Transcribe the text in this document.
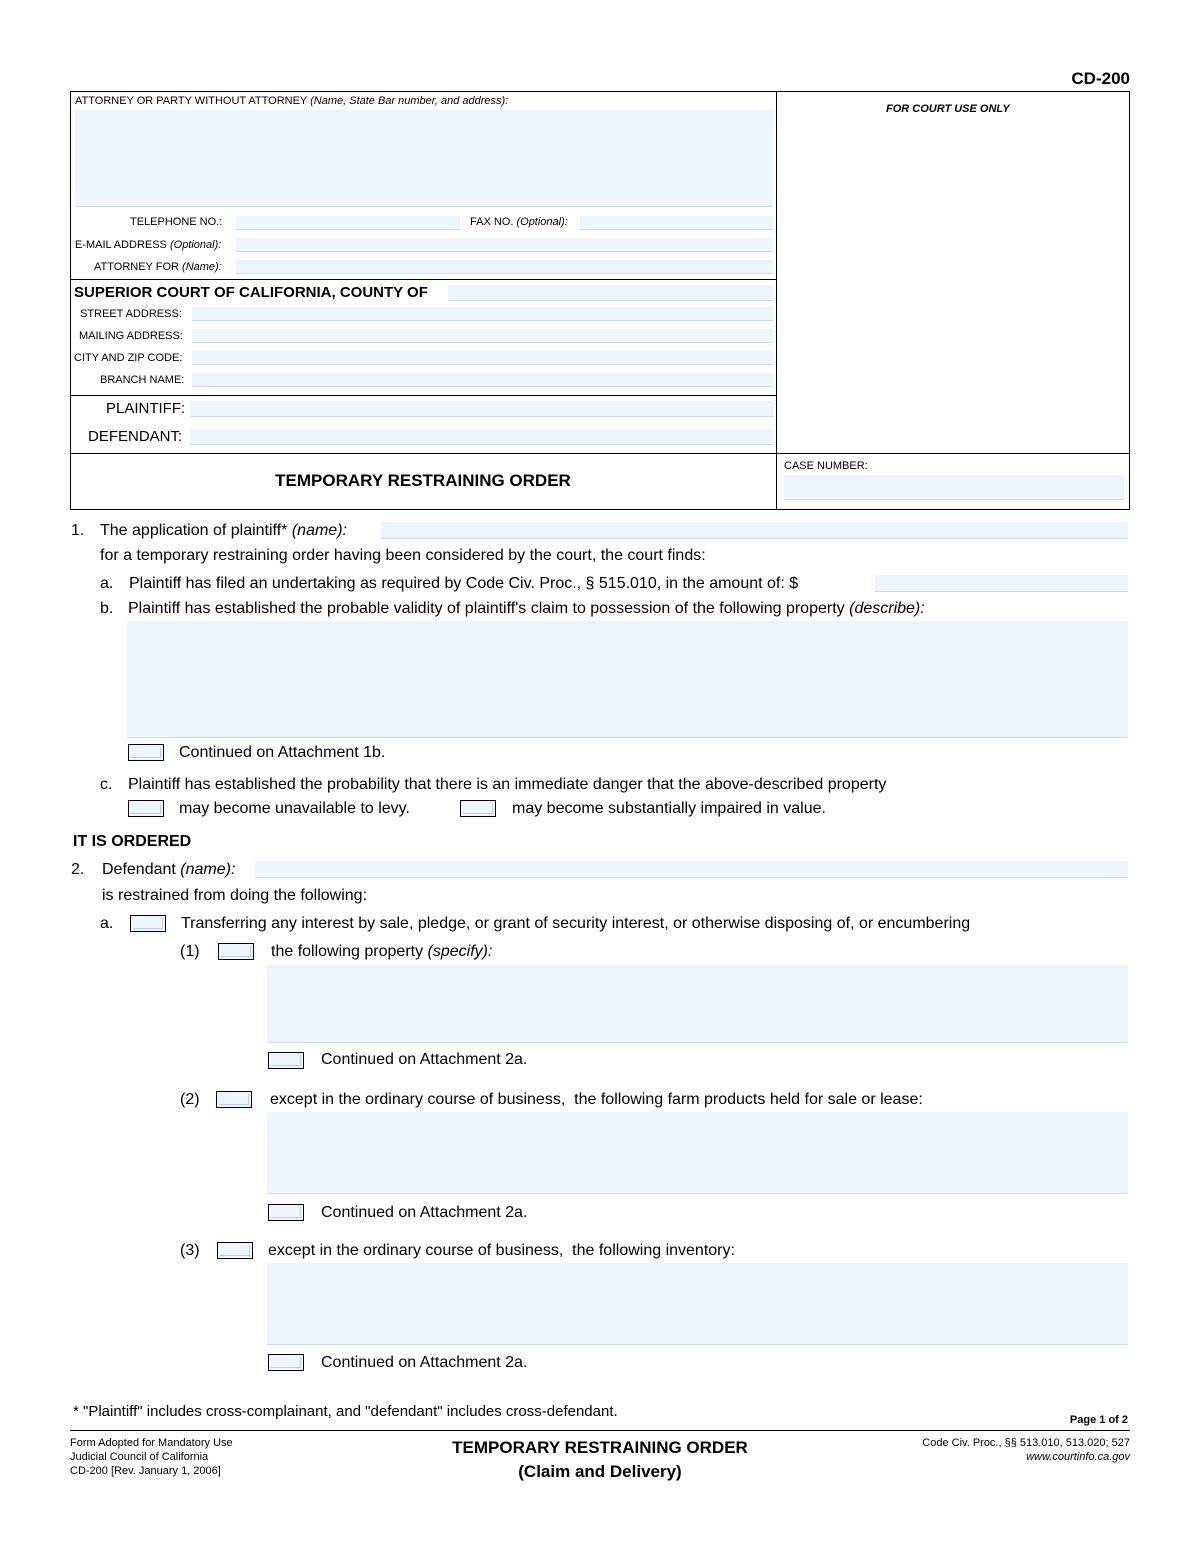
CD-200
ATTORNEY OR PARTY WITHOUT ATTORNEY (Name, State Bar number, and address):
FOR COURT USE ONLY
TELEPHONE NO.:	FAX NO. (Optional):
E-MAIL ADDRESS (Optional):
ATTORNEY FOR (Name):
SUPERIOR COURT OF CALIFORNIA, COUNTY OF
STREET ADDRESS:
MAILING ADDRESS:
CITY AND ZIP CODE:
BRANCH NAME:
PLAINTIFF:
DEFENDANT:
TEMPORARY RESTRAINING ORDER
CASE NUMBER:
1. The application of plaintiff* (name):
for a temporary restraining order having been considered by the court, the court finds:
a. Plaintiff has filed an undertaking as required by Code Civ. Proc., § 515.010, in the amount of: $
b. Plaintiff has established the probable validity of plaintiff's claim to possession of the following property (describe):
Continued on Attachment 1b.
c. Plaintiff has established the probability that there is an immediate danger that the above-described property
may become unavailable to levy.	may become substantially impaired in value.
IT IS ORDERED
2. Defendant (name):
is restrained from doing the following:
a.	Transferring any interest by sale, pledge, or grant of security interest, or otherwise disposing of, or encumbering
(1)	the following property (specify):
Continued on Attachment 2a.
(2)	except in the ordinary course of business, the following farm products held for sale or lease:
Continued on Attachment 2a.
(3)	except in the ordinary course of business, the following inventory:
Continued on Attachment 2a.
* "Plaintiff" includes cross-complainant, and "defendant" includes cross-defendant.	Page 1 of 2
Form Adopted for Mandatory Use
Judicial Council of California
CD-200 [Rev. January 1, 2006]
TEMPORARY RESTRAINING ORDER
(Claim and Delivery)
Code Civ. Proc., §§ 513.010, 513.020; 527
www.courtinfo.ca.gov
